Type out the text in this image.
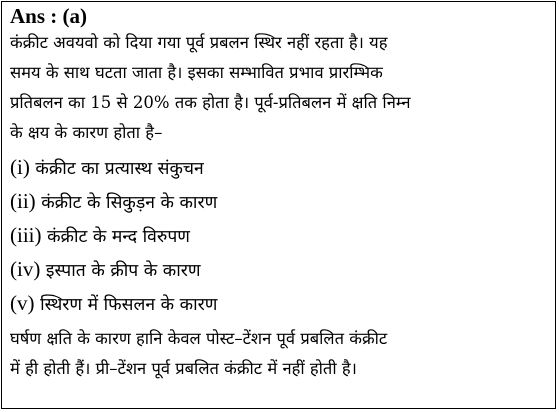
Ans : (a)
कंक्रीट अवयवो को दिया गया पूर्व प्रबलन स्थिर नहीं रहता है। यह
समय के साथ घटता जाता है। इसका सम्भावित प्रभाव प्रारम्भिक
प्रतिबलन का 15 से 20% तक होता है। पूर्व-प्रतिबलन में क्षति निम्न
के क्षय के कारण होता है–
(i) कंक्रीट का प्रत्यास्थ संकुचन
(ii) कंक्रीट के सिकुड़न के कारण
(iii) कंक्रीट के मन्द विरुपण
(iv) इस्पात के क्रीप के कारण
(v) स्थिरण में फिसलन के कारण
घर्षण क्षति के कारण हानि केवल पोस्ट–टेंशन पूर्व प्रबलित कंक्रीट
में ही होती हैं। प्री–टेंशन पूर्व प्रबलित कंक्रीट में नहीं होती है।
